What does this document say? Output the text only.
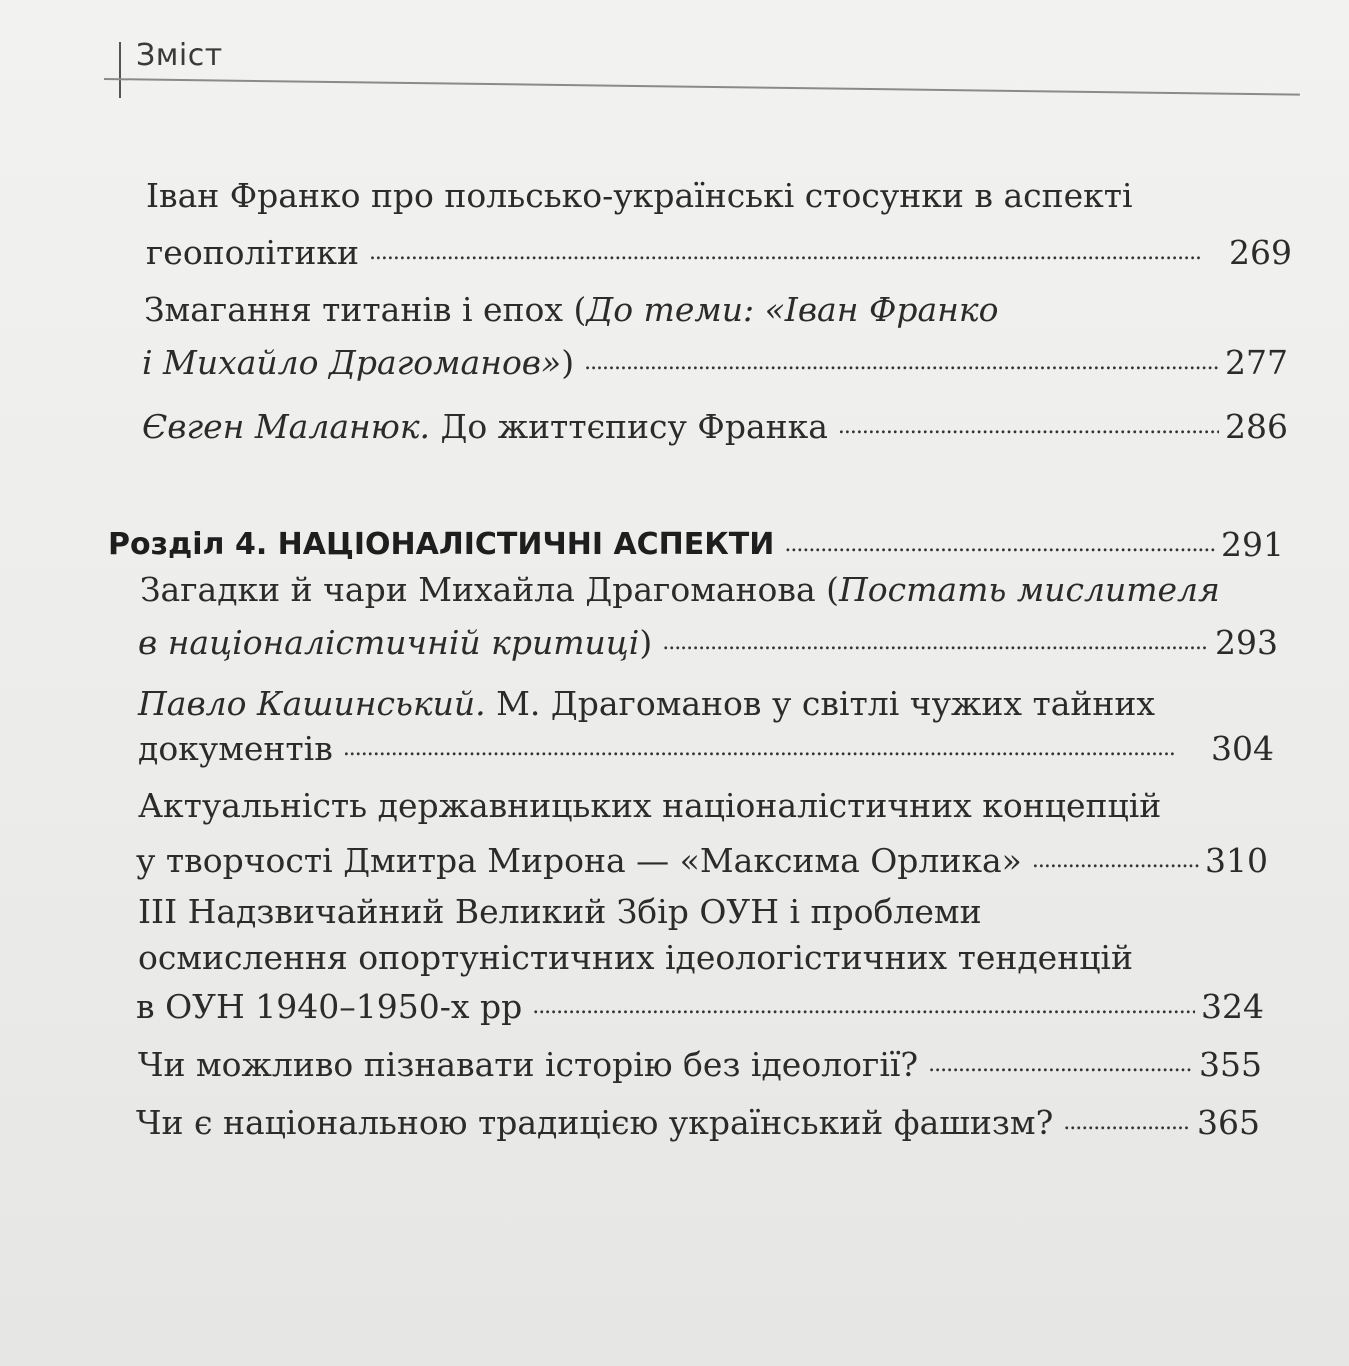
Зміст
Іван Франко про польсько-українські стосунки в аспекті
геополітики . . .	269
Змагання титанів і епох (До теми: «Іван Франко
і Михайло Драгоманов») . . .	277
Євген Маланюк. До життєпису Франка . . .	286
Розділ 4. НАЦІОНАЛІСТИЧНІ АСПЕКТИ . . .	291
Загадки й чари Михайла Драгоманова (Постать мислителя
в націоналістичній критиці) . . .	293
Павло Кашинський. М. Драгоманов у світлі чужих тайних
документів . . .	304
Актуальність державницьких націоналістичних концепцій
у творчості Дмитра Мирона — «Максима Орлика» . . .	310
ІІІ Надзвичайний Великий Збір ОУН і проблеми
осмислення опортуністичних ідеологістичних тенденцій
в ОУН 1940–1950-х рр . . .	324
Чи можливо пізнавати історію без ідеології? . . .	355
Чи є національною традицією український фашизм? . . .	365
